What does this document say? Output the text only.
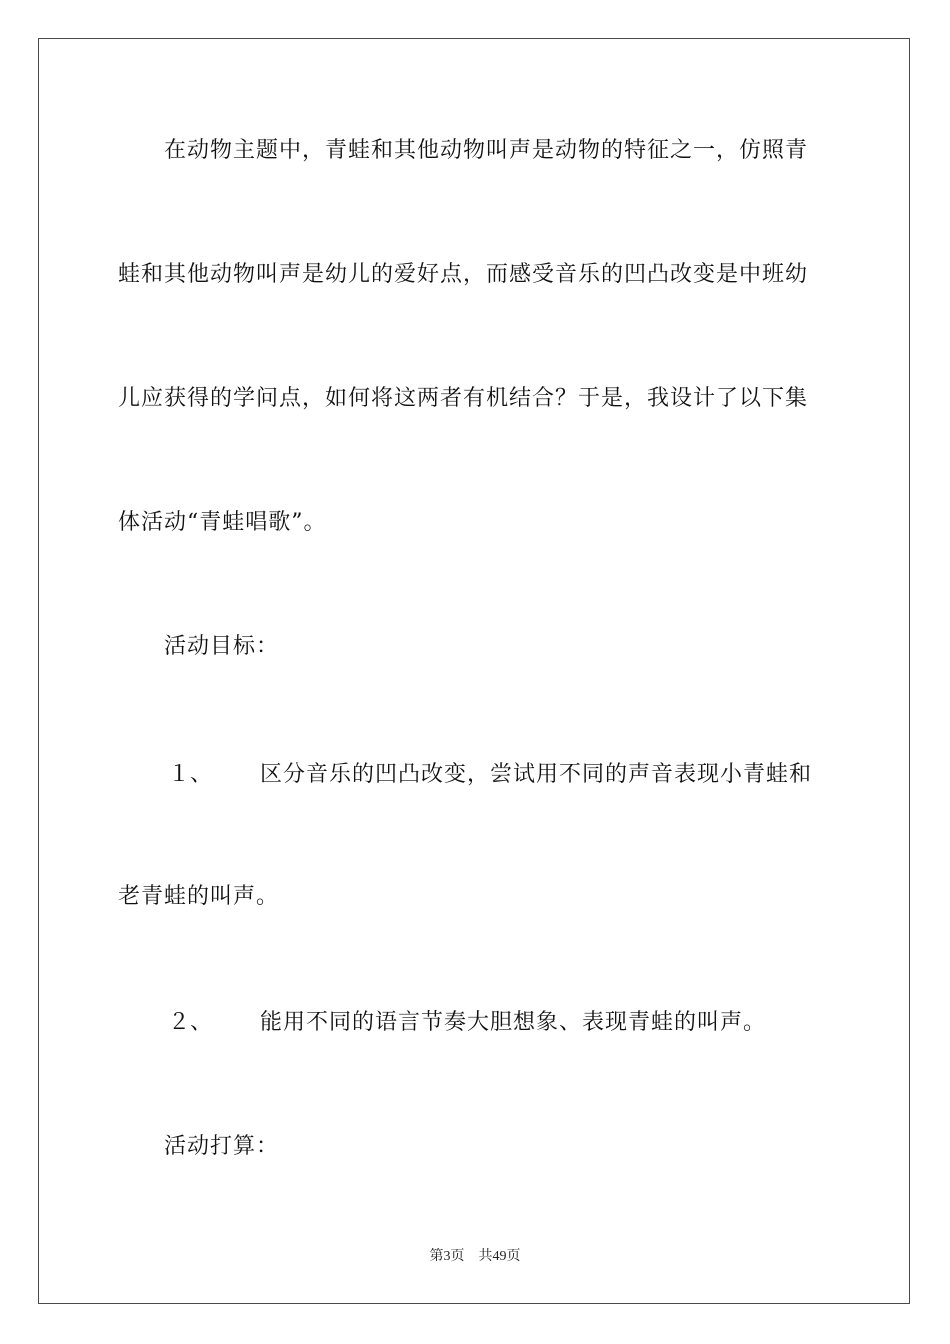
在动物主题中，青蛙和其他动物叫声是动物的特征之一，仿照青
蛙和其他动物叫声是幼儿的爱好点，而感受音乐的凹凸改变是中班幼
儿应获得的学问点，如何将这两者有机结合？于是，我设计了以下集
体活动“青蛙唱歌”。
活动目标：
１、 区分音乐的凹凸改变，尝试用不同的声音表现小青蛙和
老青蛙的叫声。
２、 能用不同的语言节奏大胆想象、表现青蛙的叫声。
活动打算：
第3页　共49页
